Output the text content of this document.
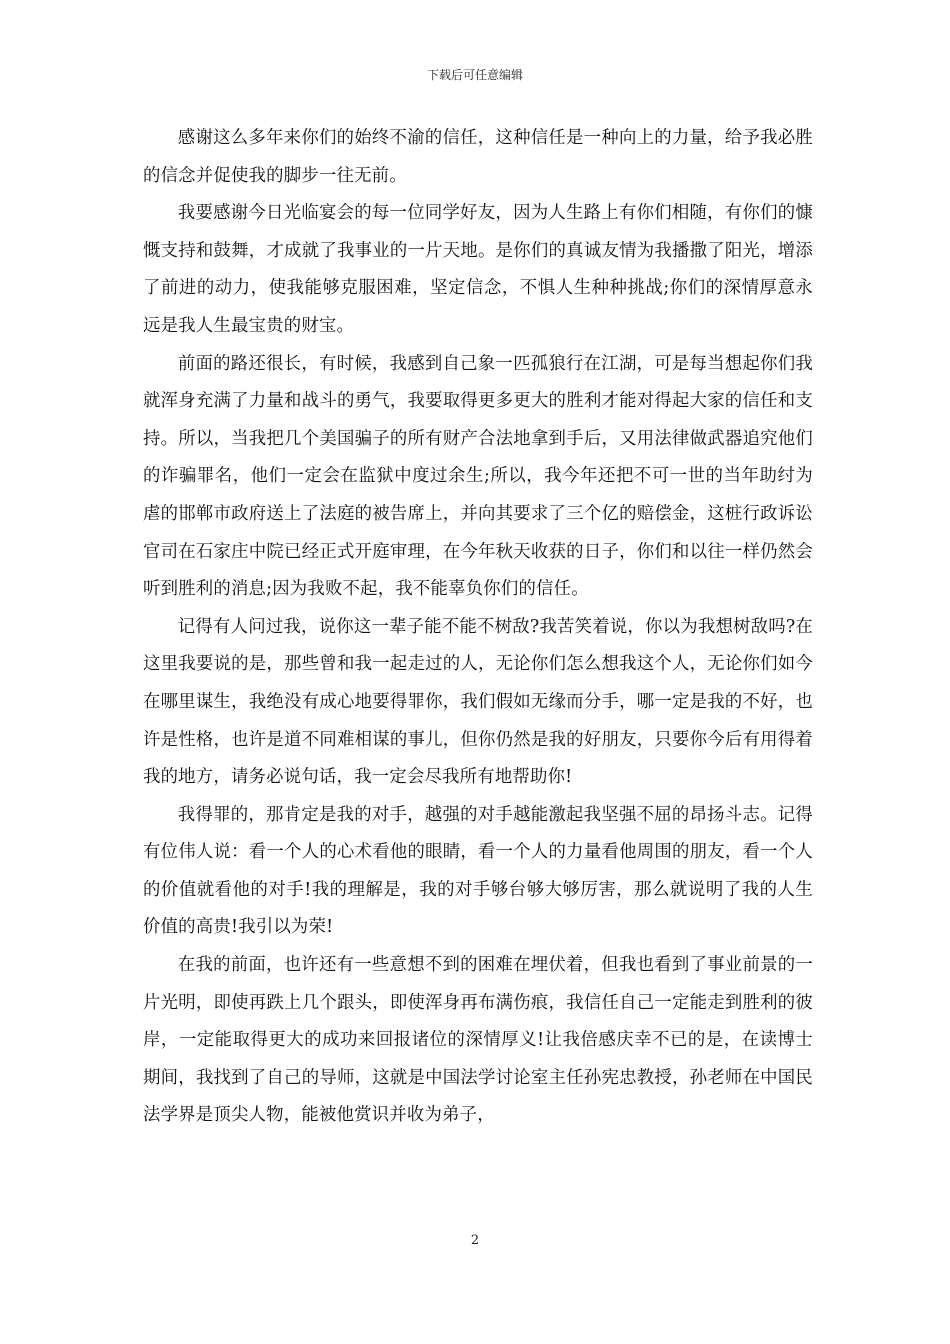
下载后可任意编辑

感谢这么多年来你们的始终不渝的信任，这种信任是一种向上的力量，给予我必胜的信念并促使我的脚步一往无前。

我要感谢今日光临宴会的每一位同学好友，因为人生路上有你们相随，有你们的慷慨支持和鼓舞，才成就了我事业的一片天地。是你们的真诚友情为我播撒了阳光，增添了前进的动力，使我能够克服困难，坚定信念，不惧人生种种挑战;你们的深情厚意永远是我人生最宝贵的财宝。

前面的路还很长，有时候，我感到自己象一匹孤狼行在江湖，可是每当想起你们我就浑身充满了力量和战斗的勇气，我要取得更多更大的胜利才能对得起大家的信任和支持。所以，当我把几个美国骗子的所有财产合法地拿到手后，又用法律做武器追究他们的诈骗罪名，他们一定会在监狱中度过余生;所以，我今年还把不可一世的当年助纣为虐的邯郸市政府送上了法庭的被告席上，并向其要求了三个亿的赔偿金，这桩行政诉讼官司在石家庄中院已经正式开庭审理，在今年秋天收获的日子，你们和以往一样仍然会听到胜利的消息;因为我败不起，我不能辜负你们的信任。

记得有人问过我，说你这一辈子能不能不树敌?我苦笑着说，你以为我想树敌吗?在这里我要说的是，那些曾和我一起走过的人，无论你们怎么想我这个人，无论你们如今在哪里谋生，我绝没有成心地要得罪你，我们假如无缘而分手，哪一定是我的不好，也许是性格，也许是道不同难相谋的事儿，但你仍然是我的好朋友，只要你今后有用得着我的地方，请务必说句话，我一定会尽我所有地帮助你!

我得罪的，那肯定是我的对手，越强的对手越能激起我坚强不屈的昂扬斗志。记得有位伟人说：看一个人的心术看他的眼睛，看一个人的力量看他周围的朋友，看一个人的价值就看他的对手!我的理解是，我的对手够台够大够厉害，那么就说明了我的人生价值的高贵!我引以为荣!

在我的前面，也许还有一些意想不到的困难在埋伏着，但我也看到了事业前景的一片光明，即使再跌上几个跟头，即使浑身再布满伤痕，我信任自己一定能走到胜利的彼岸，一定能取得更大的成功来回报诸位的深情厚义!让我倍感庆幸不已的是，在读博士期间，我找到了自己的导师，这就是中国法学讨论室主任孙宪忠教授，孙老师在中国民法学界是顶尖人物，能被他赏识并收为弟子，

2
